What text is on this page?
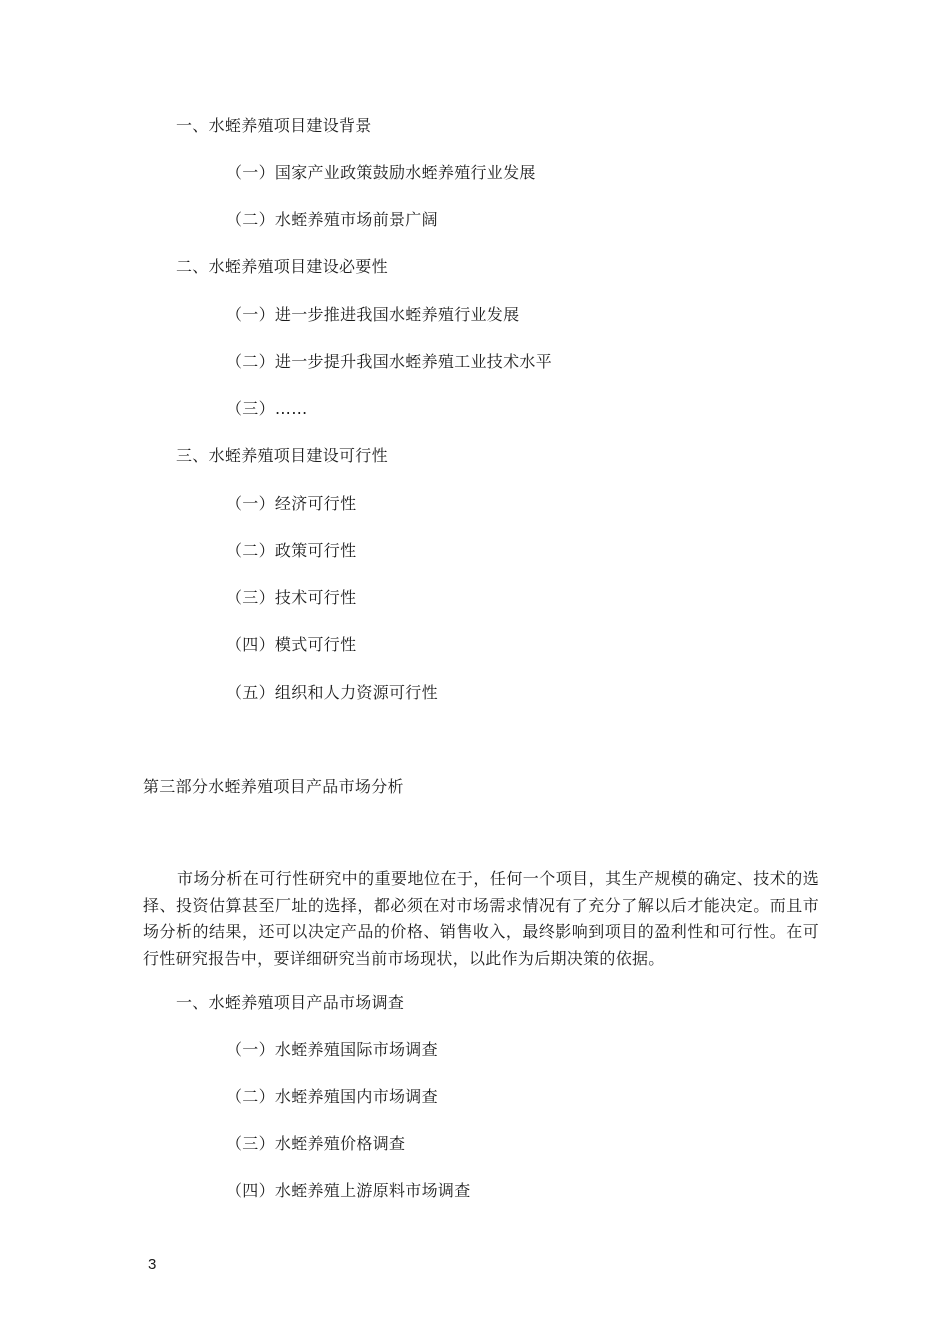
一、水蛭养殖项目建设背景
（一）国家产业政策鼓励水蛭养殖行业发展
（二）水蛭养殖市场前景广阔
二、水蛭养殖项目建设必要性
（一）进一步推进我国水蛭养殖行业发展
（二）进一步提升我国水蛭养殖工业技术水平
（三）……
三、水蛭养殖项目建设可行性
（一）经济可行性
（二）政策可行性
（三）技术可行性
（四）模式可行性
（五）组织和人力资源可行性
第三部分水蛭养殖项目产品市场分析
市场分析在可行性研究中的重要地位在于，任何一个项目，其生产规模的确定、技术的选择、投资估算甚至厂址的选择，都必须在对市场需求情况有了充分了解以后才能决定。而且市场分析的结果，还可以决定产品的价格、销售收入，最终影响到项目的盈利性和可行性。在可行性研究报告中，要详细研究当前市场现状，以此作为后期决策的依据。
一、水蛭养殖项目产品市场调查
（一）水蛭养殖国际市场调查
（二）水蛭养殖国内市场调查
（三）水蛭养殖价格调查
（四）水蛭养殖上游原料市场调查
3
